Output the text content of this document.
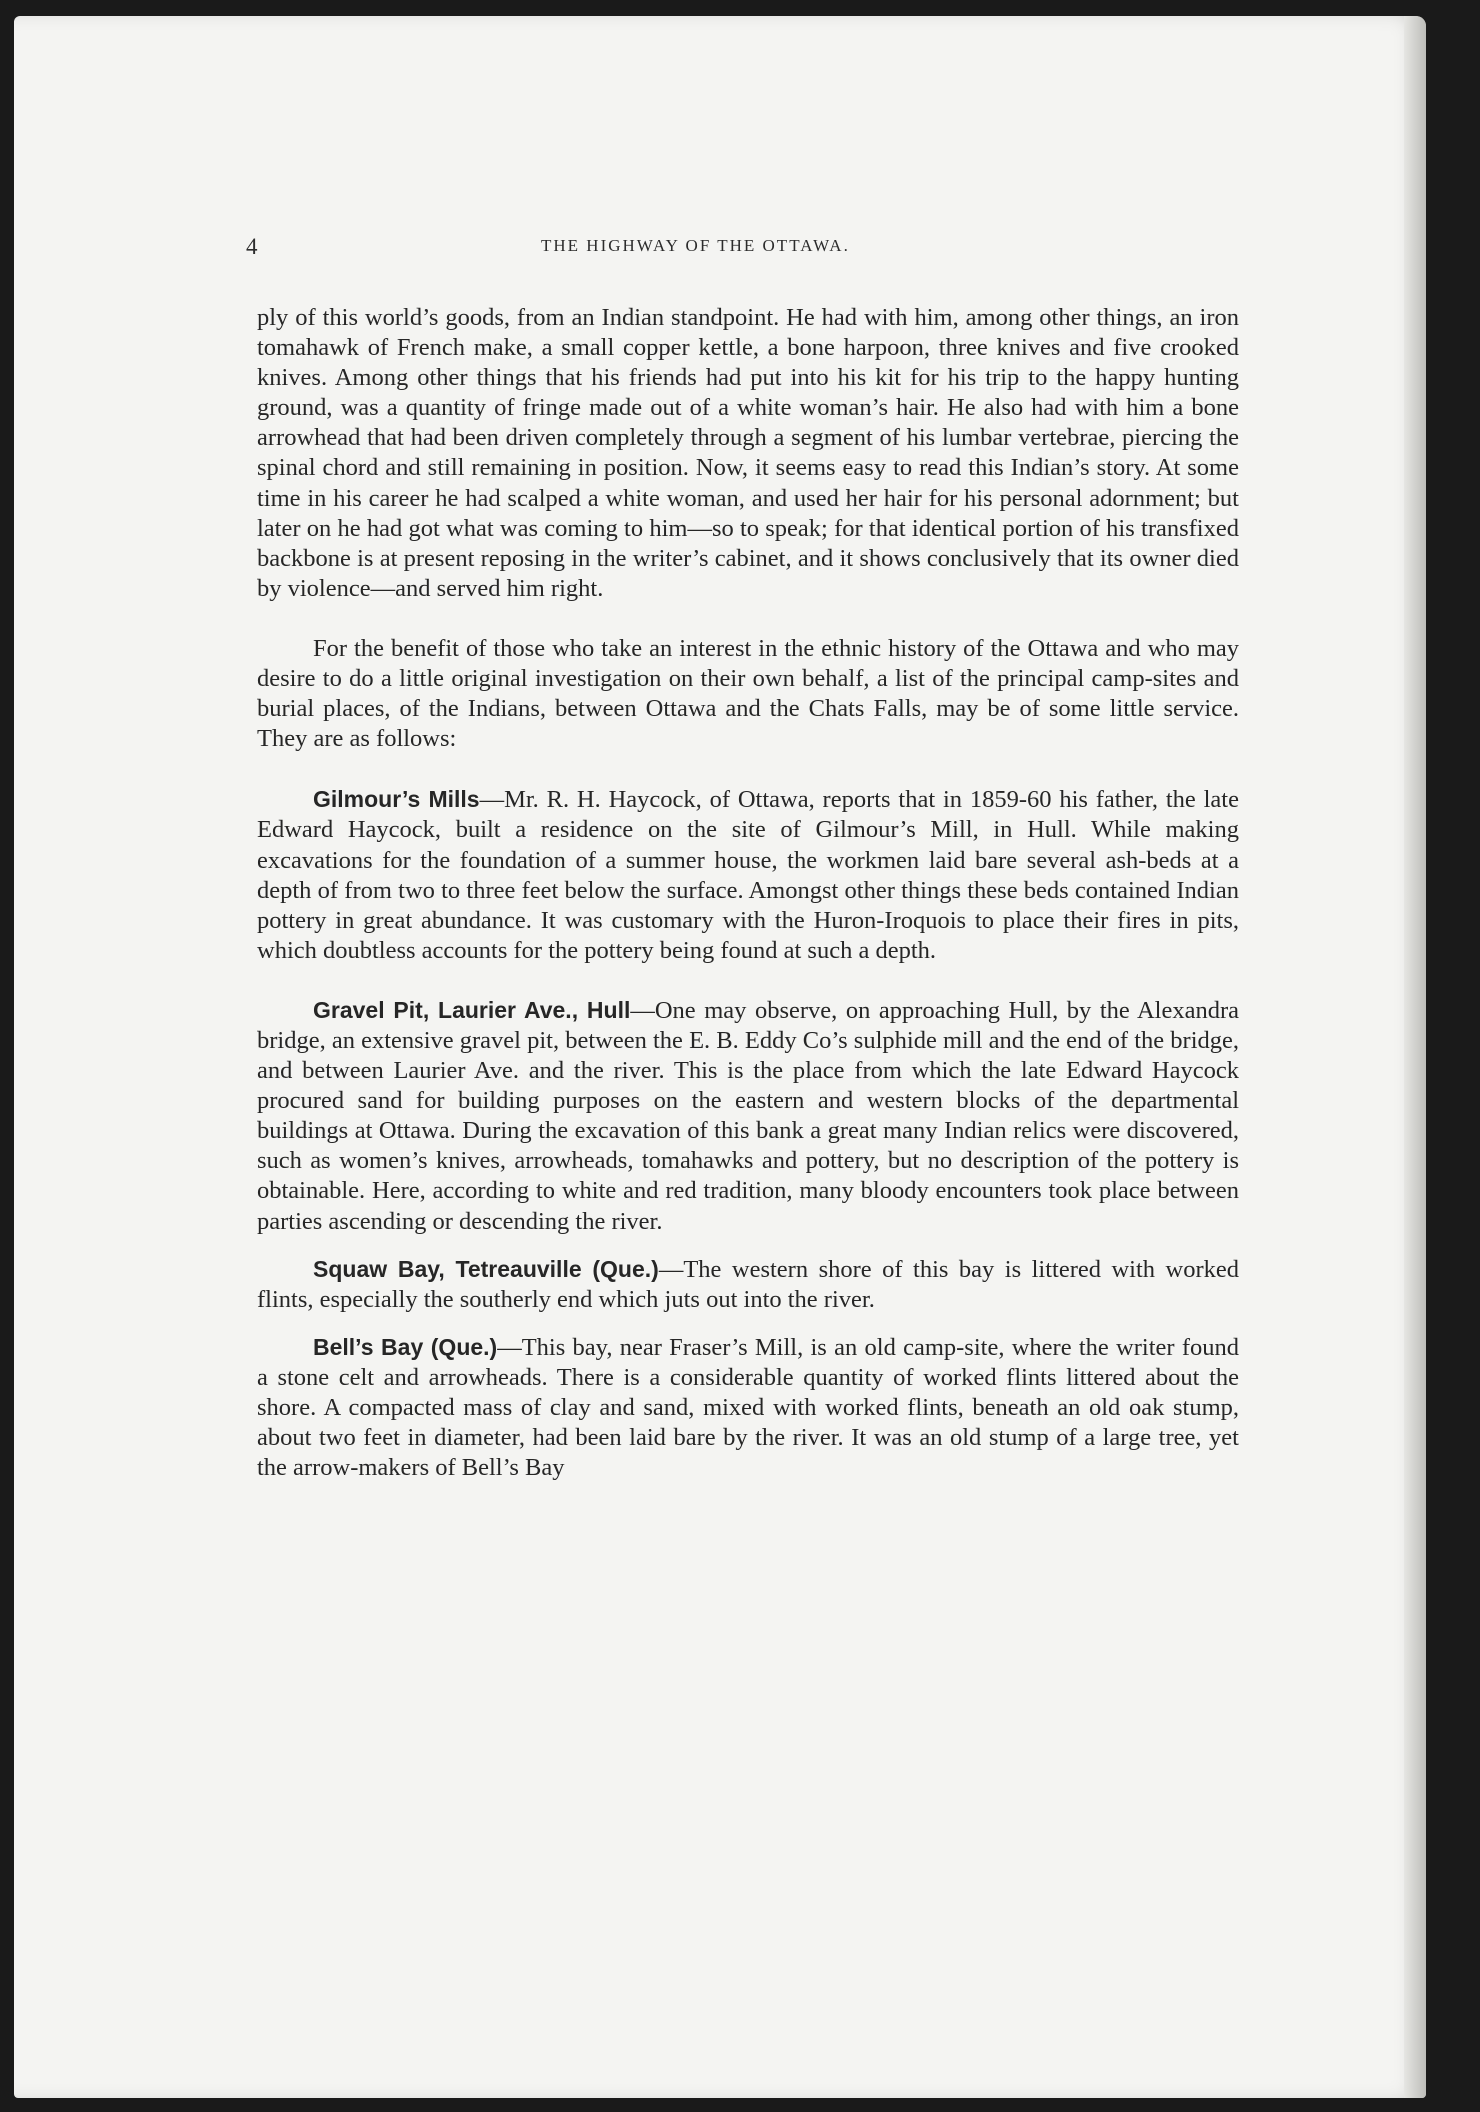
4	THE HIGHWAY OF THE OTTAWA.

ply of this world’s goods, from an Indian standpoint. He had with him, among other things, an iron tomahawk of French make, a small copper kettle, a bone harpoon, three knives and five crooked knives. Among other things that his friends had put into his kit for his trip to the happy hunting ground, was a quantity of fringe made out of a white woman’s hair. He also had with him a bone arrowhead that had been driven completely through a segment of his lumbar vertebrae, piercing the spinal chord and still remaining in position. Now, it seems easy to read this Indian’s story. At some time in his career he had scalped a white woman, and used her hair for his personal adornment; but later on he had got what was coming to him—so to speak; for that identical portion of his transfixed backbone is at present reposing in the writer’s cabinet, and it shows conclusively that its owner died by violence—and served him right.

For the benefit of those who take an interest in the ethnic history of the Ottawa and who may desire to do a little original investigation on their own behalf, a list of the principal camp-sites and burial places, of the Indians, between Ottawa and the Chats Falls, may be of some little service. They are as follows:

Gilmour’s Mills—Mr. R. H. Haycock, of Ottawa, reports that in 1859-60 his father, the late Edward Haycock, built a residence on the site of Gilmour’s Mill, in Hull. While making excavations for the foundation of a summer house, the workmen laid bare several ash-beds at a depth of from two to three feet below the surface. Amongst other things these beds contained Indian pottery in great abundance. It was customary with the Huron-Iroquois to place their fires in pits, which doubtless accounts for the pottery being found at such a depth.

Gravel Pit, Laurier Ave., Hull—One may observe, on approaching Hull, by the Alexandra bridge, an extensive gravel pit, between the E. B. Eddy Co’s sulphide mill and the end of the bridge, and between Laurier Ave. and the river. This is the place from which the late Edward Haycock procured sand for building purposes on the eastern and western blocks of the departmental buildings at Ottawa. During the excavation of this bank a great many Indian relics were discovered, such as women’s knives, arrowheads, tomahawks and pottery, but no description of the pottery is obtainable. Here, according to white and red tradition, many bloody encounters took place between parties ascending or descending the river.

Squaw Bay, Tetreauville (Que.)—The western shore of this bay is littered with worked flints, especially the southerly end which juts out into the river.

Bell’s Bay (Que.)—This bay, near Fraser’s Mill, is an old camp-site, where the writer found a stone celt and arrowheads. There is a considerable quantity of worked flints littered about the shore. A compacted mass of clay and sand, mixed with worked flints, beneath an old oak stump, about two feet in diameter, had been laid bare by the river. It was an old stump of a large tree, yet the arrow-makers of Bell’s Bay
